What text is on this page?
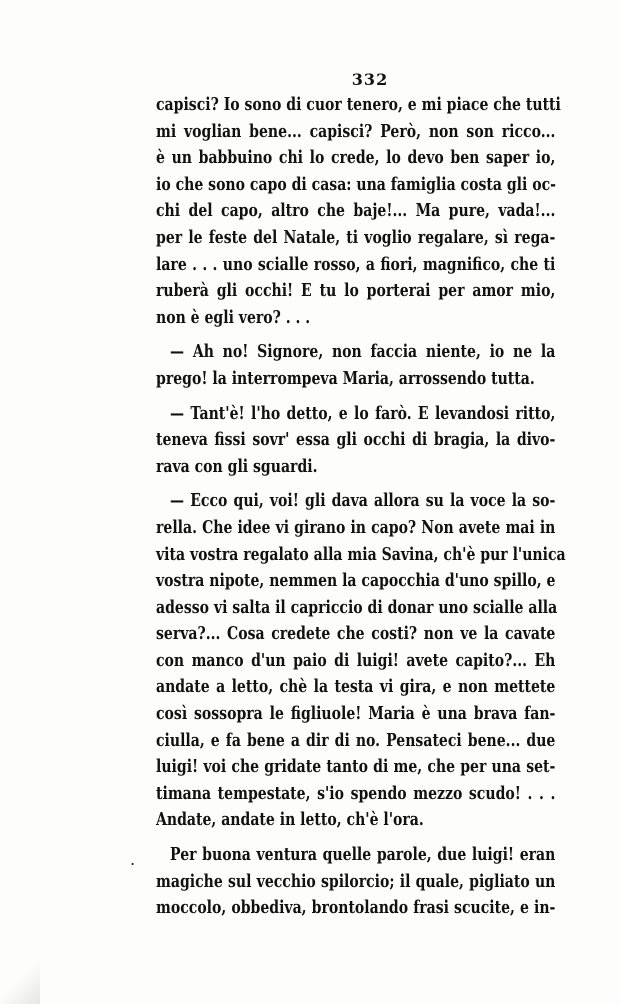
332
capisci? Io sono di cuor tenero, e mi piace che tutti
mi voglian bene... capisci? Però, non son ricco...
è un babbuino chi lo crede, lo devo ben saper io,
io che sono capo di casa: una famiglia costa gli oc-
chi del capo, altro che baje!... Ma pure, vada!...
per le feste del Natale, ti voglio regalare, sì rega-
lare . . . uno scialle rosso, a fiori, magnifico, che ti
ruberà gli occhi! E tu lo porterai per amor mio,
non è egli vero? . . .
— Ah no! Signore, non faccia niente, io ne la
prego! la interrompeva Maria, arrossendo tutta.
— Tant'è! l'ho detto, e lo farò. E levandosi ritto,
teneva fissi sovr' essa gli occhi di bragia, la divo-
rava con gli sguardi.
— Ecco qui, voi! gli dava allora su la voce la so-
rella. Che idee vi girano in capo? Non avete mai in
vita vostra regalato alla mia Savina, ch'è pur l'unica
vostra nipote, nemmen la capocchia d'uno spillo, e
adesso vi salta il capriccio di donar uno scialle alla
serva?... Cosa credete che costi? non ve la cavate
con manco d'un paio di luigi! avete capito?... Eh
andate a letto, chè la testa vi gira, e non mettete
così sossopra le figliuole! Maria è una brava fan-
ciulla, e fa bene a dir di no. Pensateci bene... due
luigi! voi che gridate tanto di me, che per una set-
timana tempestate, s'io spendo mezzo scudo! . . .
Andate, andate in letto, ch'è l'ora.
Per buona ventura quelle parole, due luigi! eran
magiche sul vecchio spilorcio; il quale, pigliato un
moccolo, obbediva, brontolando frasi scucite, e in-
.
